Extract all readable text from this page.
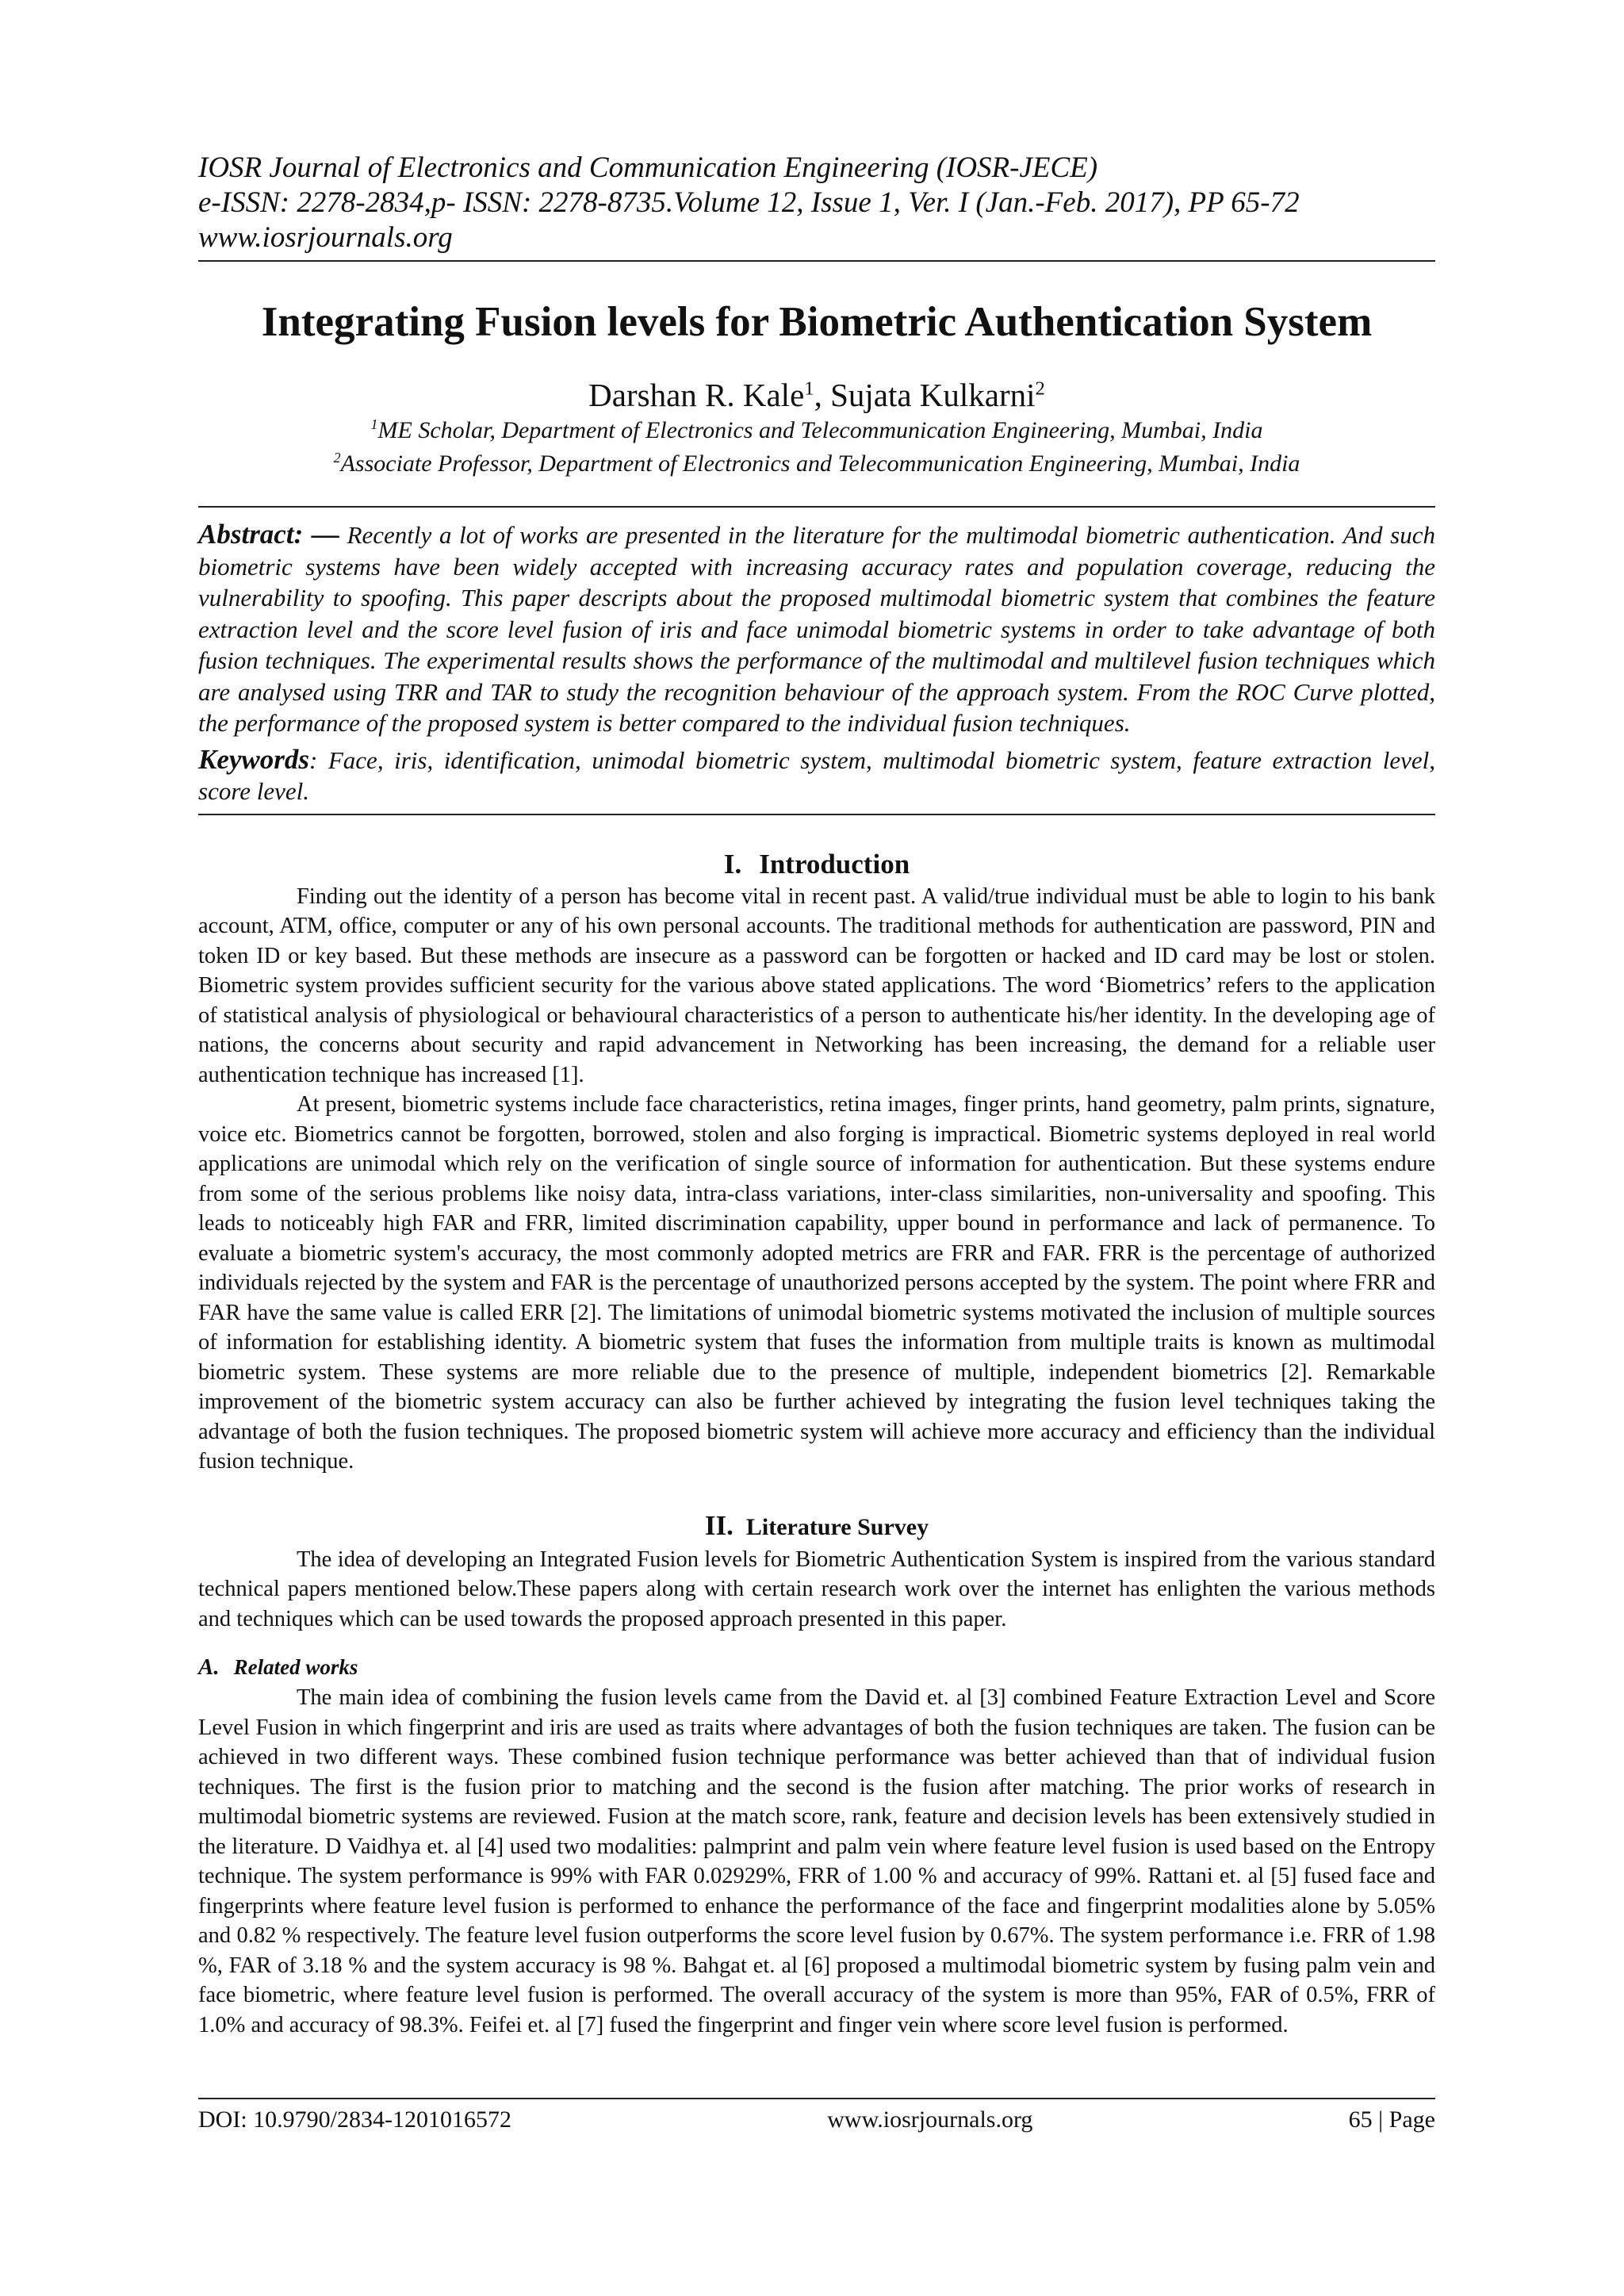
IOSR Journal of Electronics and Communication Engineering (IOSR-JECE)
e-ISSN: 2278-2834,p- ISSN: 2278-8735.Volume 12, Issue 1, Ver. I (Jan.-Feb. 2017), PP 65-72
www.iosrjournals.org
Integrating Fusion levels for Biometric Authentication System
Darshan R. Kale$^1$, Sujata Kulkarni$^2$
$^1$ME Scholar, Department of Electronics and Telecommunication Engineering, Mumbai, India
$^2$Associate Professor, Department of Electronics and Telecommunication Engineering, Mumbai, India
Abstract: — Recently a lot of works are presented in the literature for the multimodal biometric authentication. And such biometric systems have been widely accepted with increasing accuracy rates and population coverage, reducing the vulnerability to spoofing. This paper descripts about the proposed multimodal biometric system that combines the feature extraction level and the score level fusion of iris and face unimodal biometric systems in order to take advantage of both fusion techniques. The experimental results shows the performance of the multimodal and multilevel fusion techniques which are analysed using TRR and TAR to study the recognition behaviour of the approach system. From the ROC Curve plotted, the performance of the proposed system is better compared to the individual fusion techniques.
Keywords: Face, iris, identification, unimodal biometric system, multimodal biometric system, feature extraction level, score level.
I. Introduction

Finding out the identity of a person has become vital in recent past. A valid/true individual must be able to login to his bank account, ATM, office, computer or any of his own personal accounts. The traditional methods for authentication are password, PIN and token ID or key based. But these methods are insecure as a password can be forgotten or hacked and ID card may be lost or stolen. Biometric system provides sufficient security for the various above stated applications. The word ‘Biometrics’ refers to the application of statistical analysis of physiological or behavioural characteristics of a person to authenticate his/her identity. In the developing age of nations, the concerns about security and rapid advancement in Networking has been increasing, the demand for a reliable user authentication technique has increased [1].

At present, biometric systems include face characteristics, retina images, finger prints, hand geometry, palm prints, signature, voice etc. Biometrics cannot be forgotten, borrowed, stolen and also forging is impractical. Biometric systems deployed in real world applications are unimodal which rely on the verification of single source of information for authentication. But these systems endure from some of the serious problems like noisy data, intra-class variations, inter-class similarities, non-universality and spoofing. This leads to noticeably high FAR and FRR, limited discrimination capability, upper bound in performance and lack of permanence. To evaluate a biometric system's accuracy, the most commonly adopted metrics are FRR and FAR. FRR is the percentage of authorized individuals rejected by the system and FAR is the percentage of unauthorized persons accepted by the system. The point where FRR and FAR have the same value is called ERR [2]. The limitations of unimodal biometric systems motivated the inclusion of multiple sources of information for establishing identity. A biometric system that fuses the information from multiple traits is known as multimodal biometric system. These systems are more reliable due to the presence of multiple, independent biometrics [2]. Remarkable improvement of the biometric system accuracy can also be further achieved by integrating the fusion level techniques taking the advantage of both the fusion techniques. The proposed biometric system will achieve more accuracy and efficiency than the individual fusion technique.

II. Literature Survey

The idea of developing an Integrated Fusion levels for Biometric Authentication System is inspired from the various standard technical papers mentioned below.These papers along with certain research work over the internet has enlighten the various methods and techniques which can be used towards the proposed approach presented in this paper.

A. Related works

The main idea of combining the fusion levels came from the David et. al [3] combined Feature Extraction Level and Score Level Fusion in which fingerprint and iris are used as traits where advantages of both the fusion techniques are taken. The fusion can be achieved in two different ways. These combined fusion technique performance was better achieved than that of individual fusion techniques. The first is the fusion prior to matching and the second is the fusion after matching. The prior works of research in multimodal biometric systems are reviewed. Fusion at the match score, rank, feature and decision levels has been extensively studied in the literature. D Vaidhya et. al [4] used two modalities: palmprint and palm vein where feature level fusion is used based on the Entropy technique. The system performance is 99% with FAR 0.02929%, FRR of 1.00 % and accuracy of 99%. Rattani et. al [5] fused face and fingerprints where feature level fusion is performed to enhance the performance of the face and fingerprint modalities alone by 5.05% and 0.82 % respectively. The feature level fusion outperforms the score level fusion by 0.67%. The system performance i.e. FRR of 1.98 %, FAR of 3.18 % and the system accuracy is 98 %. Bahgat et. al [6] proposed a multimodal biometric system by fusing palm vein and face biometric, where feature level fusion is performed. The overall accuracy of the system is more than 95%, FAR of 0.5%, FRR of 1.0% and accuracy of 98.3%. Feifei et. al [7] fused the fingerprint and finger vein where score level fusion is performed.

DOI: 10.9790/2834-1201016572	www.iosrjournals.org	65 | Page
